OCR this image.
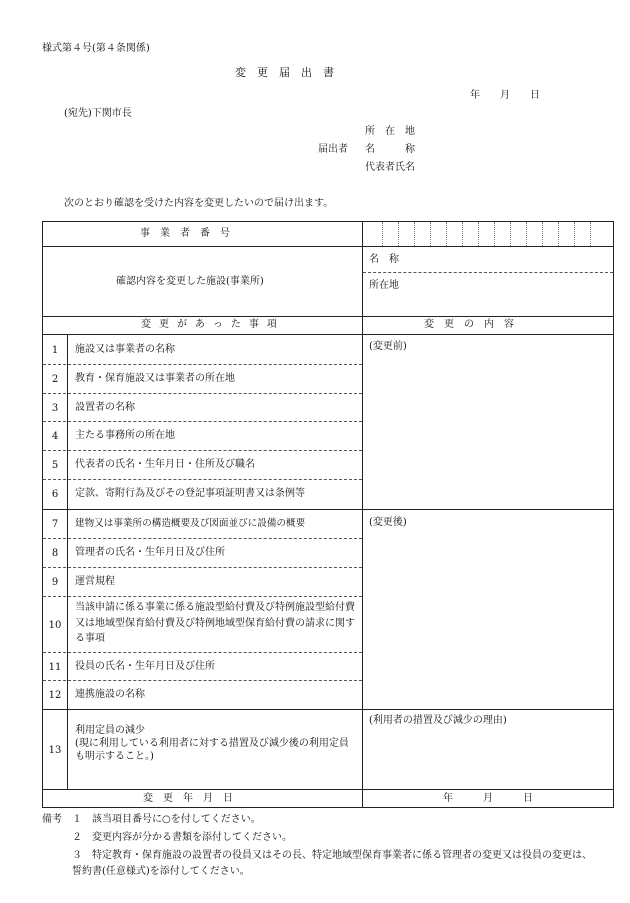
様式第４号(第４条関係)
変　更　届　出　書
年　　月　　日
(宛先)下関市長
所　在　地
届出者 名　　　称
代表者氏名
次のとおり確認を受けた内容を変更したいので届け出ます。
事　業　者　番　号
確認内容を変更した施設(事業所)
名　称
所在地
変更があった事項	変　更　の　内　容
(変更前)
(変更後)
(利用者の措置及び減少の理由)
1
2
3
4
5
6
7
8
9
10
11
12
13
施設又は事業者の名称
教育・保育施設又は事業者の所在地
設置者の名称
主たる事務所の所在地
代表者の氏名・生年月日・住所及び職名
定款、寄附行為及びその登記事項証明書又は条例等
建物又は事業所の構造概要及び図面並びに設備の概要
管理者の氏名・生年月日及び住所
運営規程
当該申請に係る事業に係る施設型給付費及び特例施設型給付費又は地域型保育給付費及び特例地域型保育給付費の請求に関する事項
役員の氏名・生年月日及び住所
連携施設の名称
利用定員の減少
(現に利用している利用者に対する措置及び減少後の利用定員も明示すること。)
変　更　年　月　日	年　　　月　　　日
備考 １　該当項目番号に○を付してください。
２　変更内容が分かる書類を添付してください。
３　特定教育・保育施設の設置者の役員又はその長、特定地域型保育事業者に係る管理者の変更又は役員の変更は、誓約書(任意様式)を添付してください。
